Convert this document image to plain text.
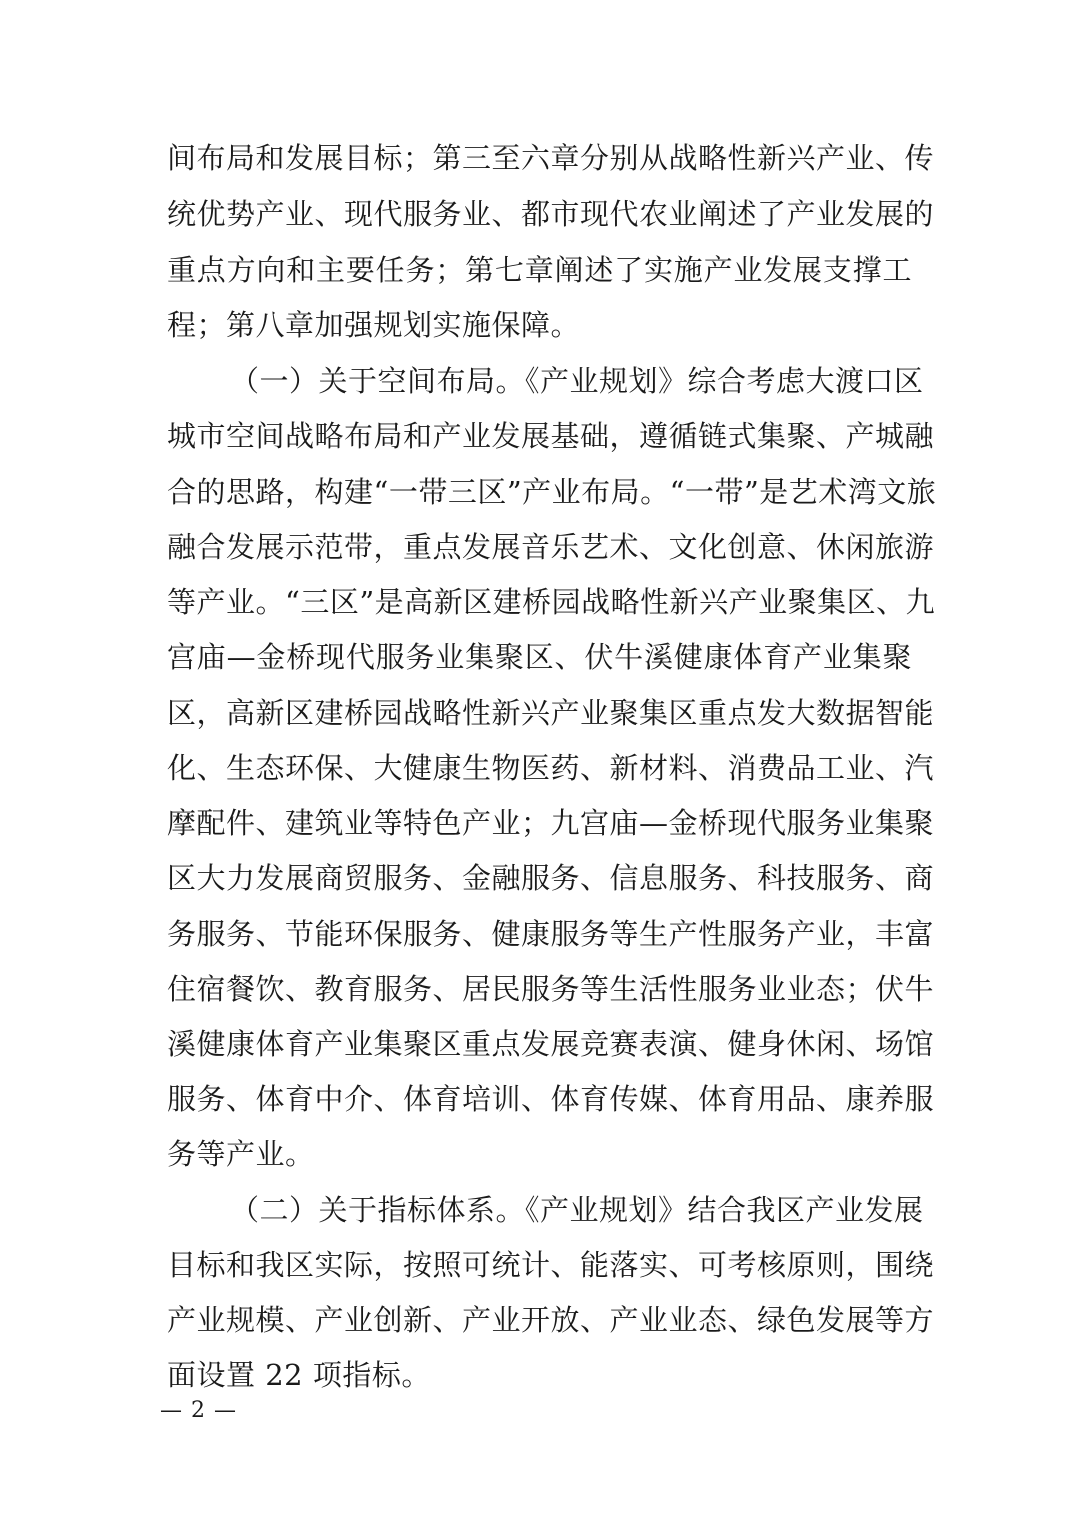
间布局和发展目标；第三至六章分别从战略性新兴产业、传
统优势产业、现代服务业、都市现代农业阐述了产业发展的
重点方向和主要任务；第七章阐述了实施产业发展支撑工
程；第八章加强规划实施保障。
（一）关于空间布局。《产业规划》综合考虑大渡口区
城市空间战略布局和产业发展基础，遵循链式集聚、产城融
合的思路，构建“一带三区”产业布局。“一带”是艺术湾文旅
融合发展示范带，重点发展音乐艺术、文化创意、休闲旅游
等产业。“三区”是高新区建桥园战略性新兴产业聚集区、九
宫庙—金桥现代服务业集聚区、伏牛溪健康体育产业集聚
区，高新区建桥园战略性新兴产业聚集区重点发大数据智能
化、生态环保、大健康生物医药、新材料、消费品工业、汽
摩配件、建筑业等特色产业；九宫庙—金桥现代服务业集聚
区大力发展商贸服务、金融服务、信息服务、科技服务、商
务服务、节能环保服务、健康服务等生产性服务产业，丰富
住宿餐饮、教育服务、居民服务等生活性服务业业态；伏牛
溪健康体育产业集聚区重点发展竞赛表演、健身休闲、场馆
服务、体育中介、体育培训、体育传媒、体育用品、康养服
务等产业。
（二）关于指标体系。《产业规划》结合我区产业发展
目标和我区实际，按照可统计、能落实、可考核原则，围绕
产业规模、产业创新、产业开放、产业业态、绿色发展等方
面设置 22 项指标。
— 2 —
